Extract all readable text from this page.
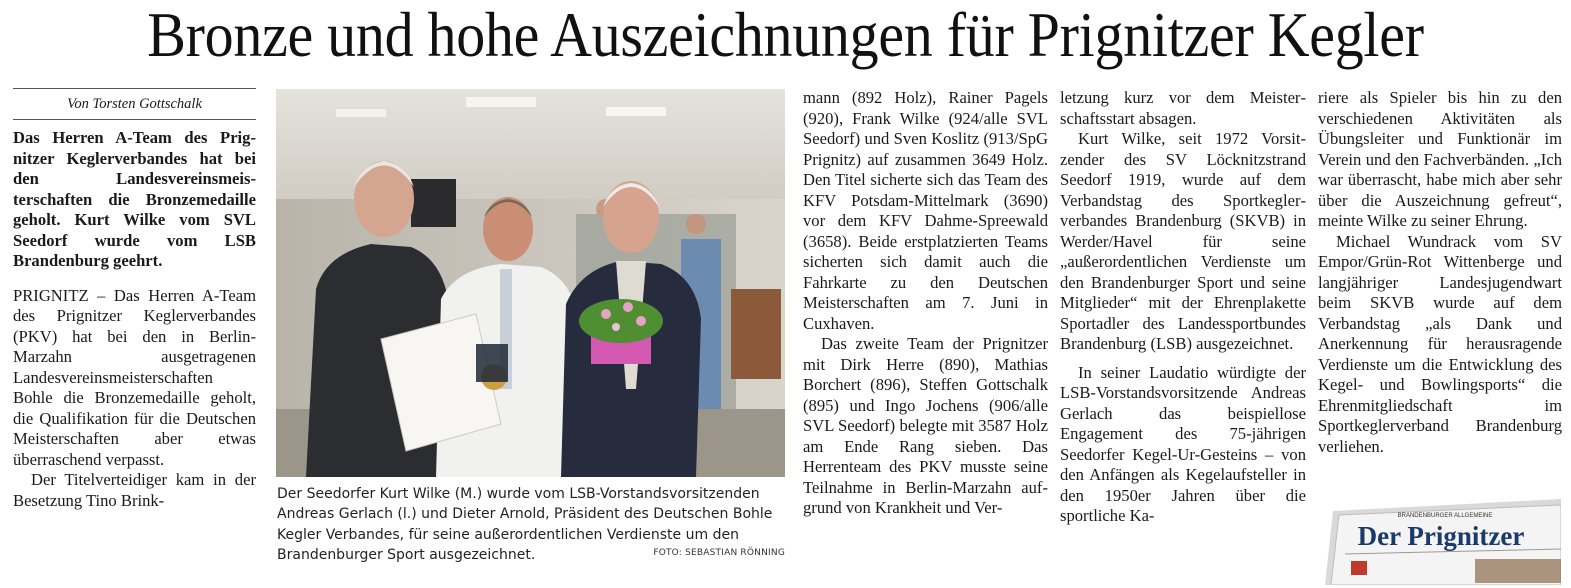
Bronze und hohe Auszeichnungen für Prignitzer Kegler
Von Torsten Gottschalk

Das Herren A-Team des Prignitzer Keglerverbandes hat bei den Landesvereinsmeisterschaften die Bronzemedaille geholt. Kurt Wilke vom SVL Seedorf wurde vom LSB Brandenburg geehrt.

PRIGNITZ – Das Herren A-Team des Prignitzer Keglerverbandes (PKV) hat bei den in Berlin-Marzahn ausgetragenen Landesvereinsmeisterschaften Bohle die Bronzemedaille geholt, die Qualifikation für die Deutschen Meisterschaften aber etwas überraschend verpasst.

Der Titelverteidiger kam in der Besetzung Tino Brink-	Der Seedorfer Kurt Wilke (M.) wurde vom LSB-Vorstandsvorsitzenden Andreas Gerlach (l.) und Dieter Arnold, Präsident des Deutschen Bohle Kegler Verbandes, für seine außerordentlichen Verdienste um den Brandenburger Sport ausgezeichnet.	FOTO: SEBASTIAN RÖNNING

mann (892 Holz), Rainer Pagels (920), Frank Wilke (924/alle SVL Seedorf) und Sven Koslitz (913/SpG Prignitz) auf zusammen 3649 Holz. Den Titel sicherte sich das Team des KFV Potsdam-Mittelmark (3690) vor dem KFV Dahme-Spreewald (3658). Beide erstplatzierten Teams sicherten sich damit auch die Fahrkarte zu den Deutschen Meisterschaften am 7. Juni in Cuxhaven.

Das zweite Team der Prignitzer mit Dirk Herre (890), Mathias Borchert (896), Steffen Gottschalk (895) und Ingo Jochens (906/alle SVL Seedorf) belegte mit 3587 Holz am Ende Rang sieben. Das Herrenteam des PKV musste seine Teilnahme in Berlin-Marzahn aufgrund von Krankheit und Ver-

letzung kurz vor dem Meisterschaftsstart absagen.

Kurt Wilke, seit 1972 Vorsitzender des SV Löcknitzstrand Seedorf 1919, wurde auf dem Verbandstag des Sportkeglerverbandes Brandenburg (SKVB) in Werder/Havel für seine „außerordentlichen Verdienste um den Brandenburger Sport und seine Mitglieder“ mit der Ehrenplakette Sportadler des Landessportbundes Brandenburg (LSB) ausgezeichnet.

In seiner Laudatio würdigte der LSB-Vorstandsvorsitzende Andreas Gerlach das beispiellose Engagement des 75-jährigen Seedorfer Kegel-Ur-Gesteins – von den Anfängen als Kegelaufsteller in den 1950er Jahren über die sportliche Ka-

riere als Spieler bis hin zu den verschiedenen Aktivitäten als Übungsleiter und Funktionär im Verein und den Fachverbänden. „Ich war überrascht, habe mich aber sehr über die Auszeichnung gefreut“, meinte Wilke zu seiner Ehrung.

Michael Wundrack vom SV Empor/Grün-Rot Wittenberge und langjähriger Landesjugendwart beim SKVB wurde auf dem Verbandstag „als Dank und Anerkennung für herausragende Verdienste um die Entwicklung des Kegel- und Bowlingsports“ die Ehrenmitgliedschaft im Sportkeglerverband Brandenburg verliehen.

BRANDENBURGER ALLGEMEINE
Der Prignitzer
